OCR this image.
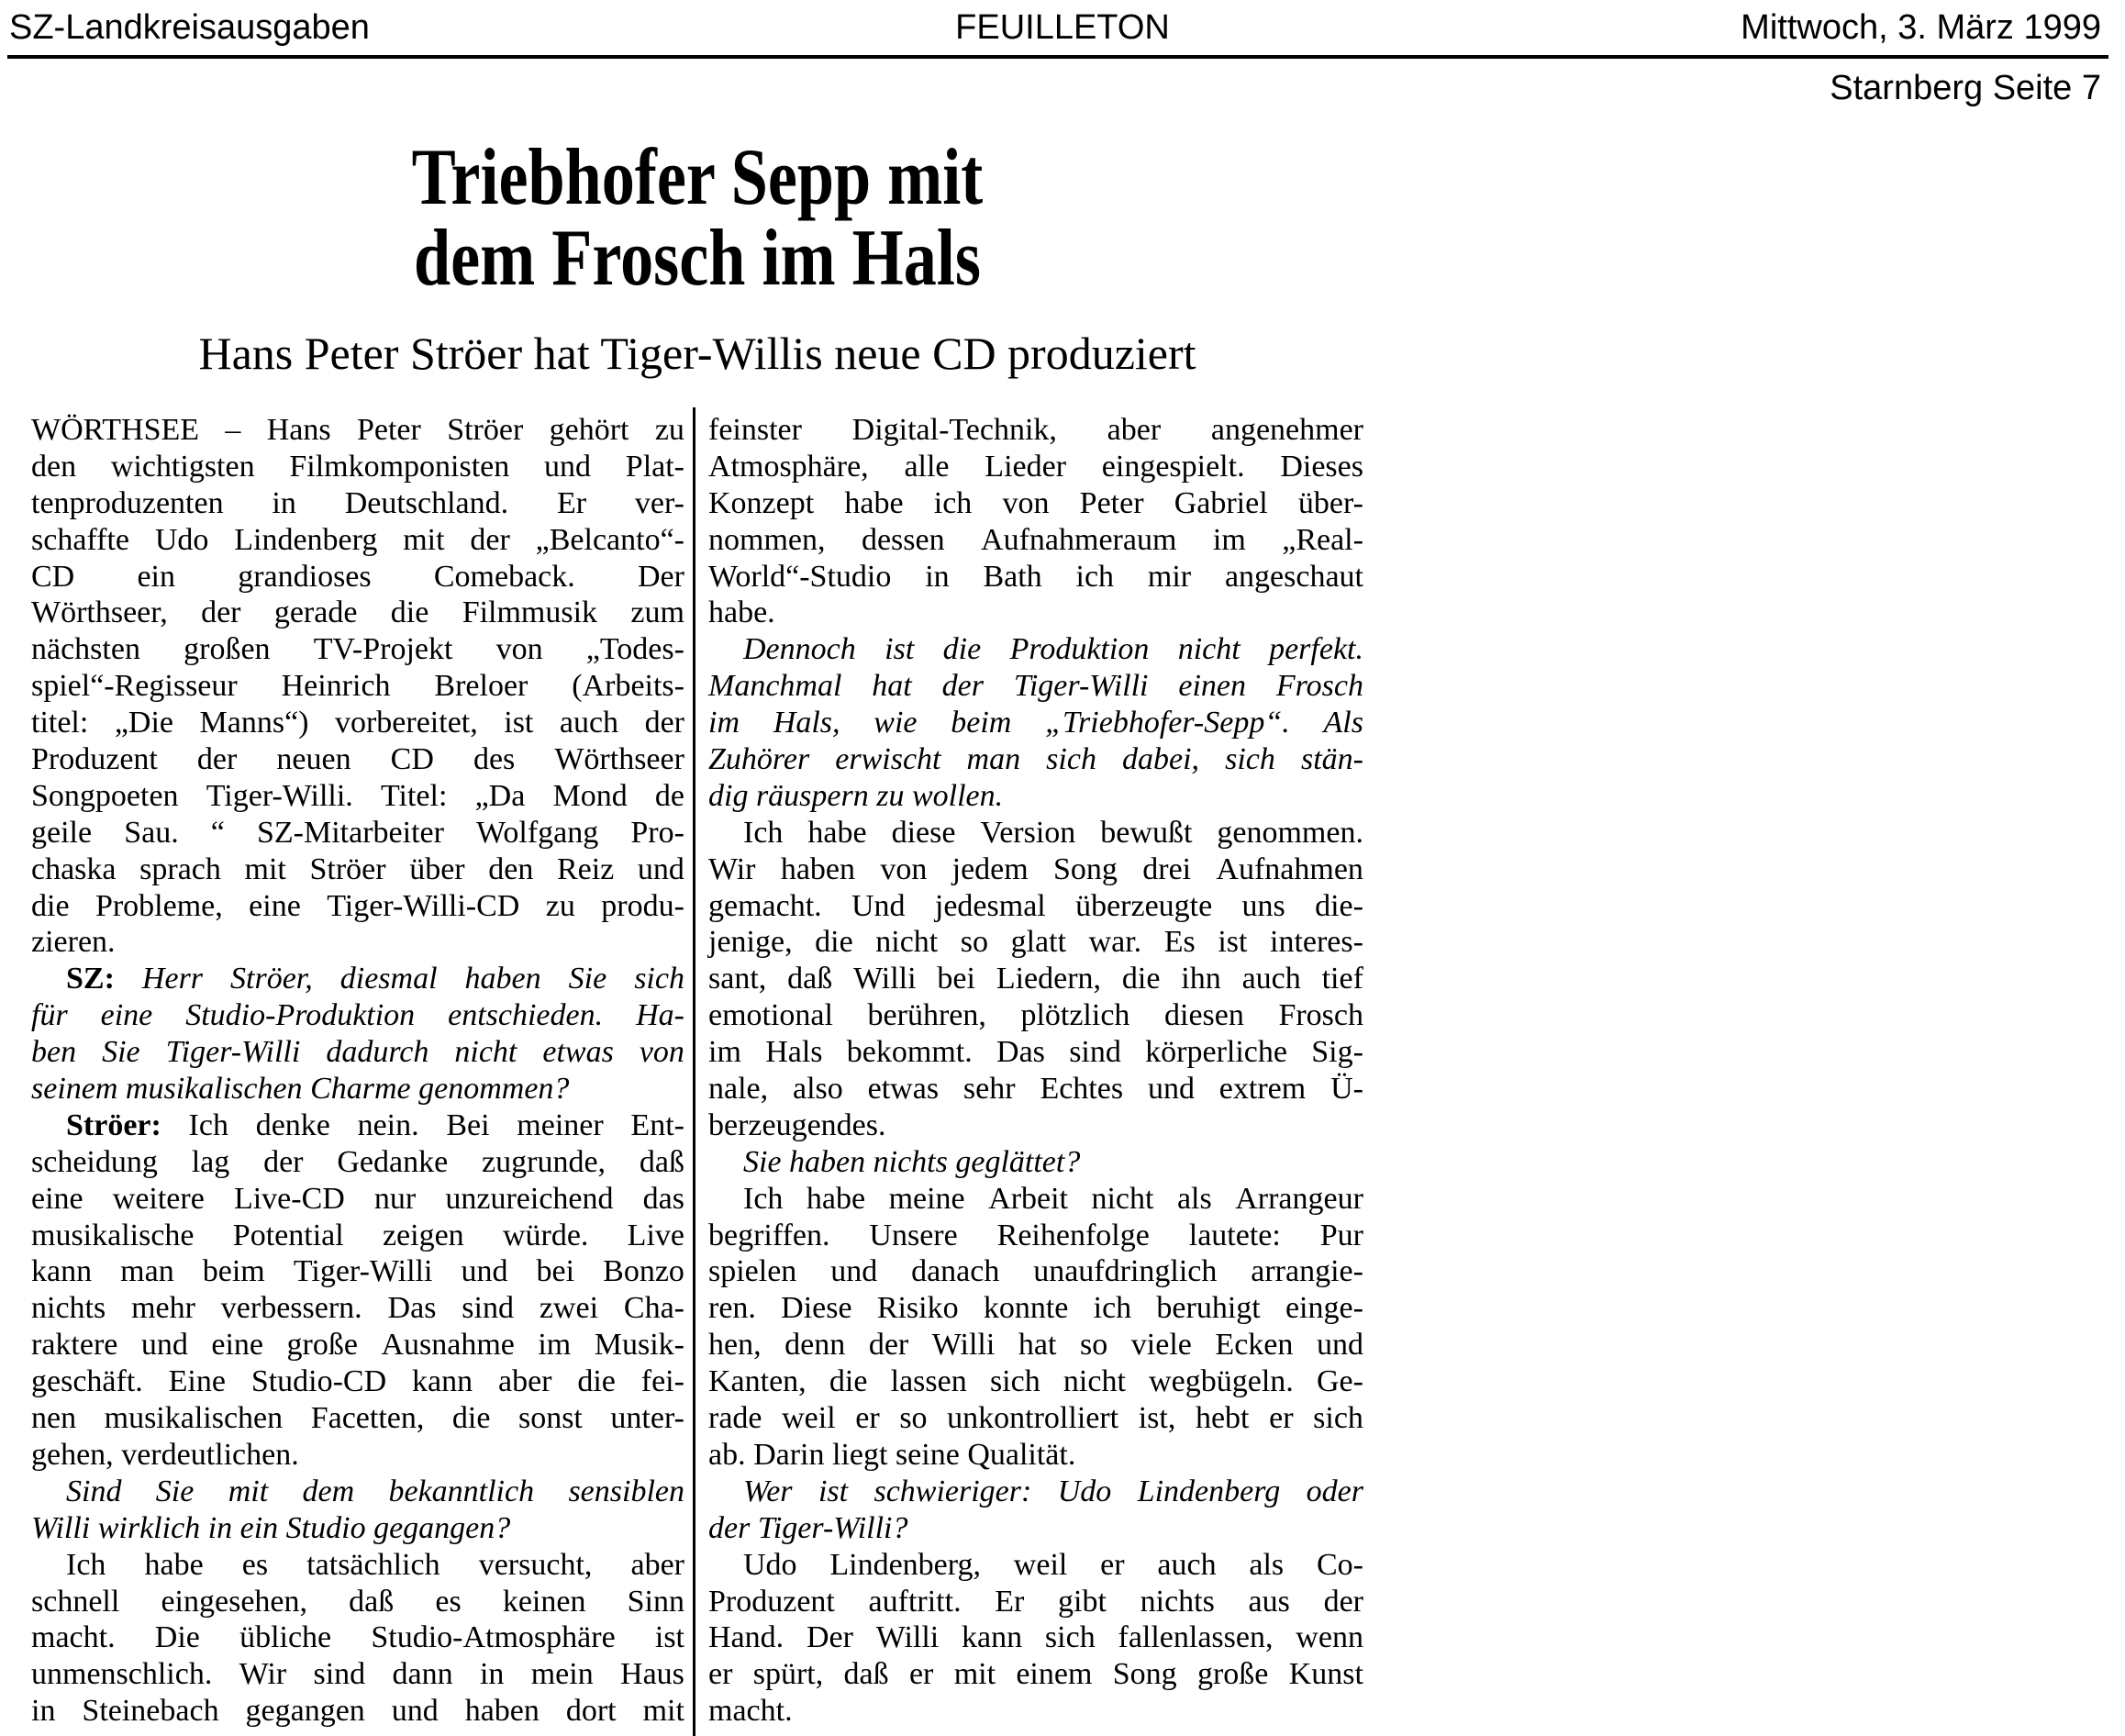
SZ-Landkreisausgaben	FEUILLETON	Mittwoch, 3. März 1999
Starnberg Seite 7
Triebhofer Sepp mit
dem Frosch im Hals
Hans Peter Ströer hat Tiger-Willis neue CD produziert
WÖRTHSEE – Hans Peter Ströer gehört zu
den wichtigsten Filmkomponisten und Plat-
tenproduzenten in Deutschland. Er ver-
schaffte Udo Lindenberg mit der „Belcanto“-
CD ein grandioses Comeback. Der
Wörthseer, der gerade die Filmmusik zum
nächsten großen TV-Projekt von „Todes-
spiel“-Regisseur Heinrich Breloer (Arbeits-
titel: „Die Manns“) vorbereitet, ist auch der
Produzent der neuen CD des Wörthseer
Songpoeten Tiger-Willi. Titel: „Da Mond de
geile Sau. “ SZ-Mitarbeiter Wolfgang Pro-
chaska sprach mit Ströer über den Reiz und
die Probleme, eine Tiger-Willi-CD zu produ-
zieren.
SZ: Herr Ströer, diesmal haben Sie sich
für eine Studio-Produktion entschieden. Ha-
ben Sie Tiger-Willi dadurch nicht etwas von
seinem musikalischen Charme genommen?
Ströer: Ich denke nein. Bei meiner Ent-
scheidung lag der Gedanke zugrunde, daß
eine weitere Live-CD nur unzureichend das
musikalische Potential zeigen würde. Live
kann man beim Tiger-Willi und bei Bonzo
nichts mehr verbessern. Das sind zwei Cha-
raktere und eine große Ausnahme im Musik-
geschäft. Eine Studio-CD kann aber die fei-
nen musikalischen Facetten, die sonst unter-
gehen, verdeutlichen.
Sind Sie mit dem bekanntlich sensiblen
Willi wirklich in ein Studio gegangen?
Ich habe es tatsächlich versucht, aber
schnell eingesehen, daß es keinen Sinn
macht. Die übliche Studio-Atmosphäre ist
unmenschlich. Wir sind dann in mein Haus
in Steinebach gegangen und haben dort mit
feinster Digital-Technik, aber angenehmer
Atmosphäre, alle Lieder eingespielt. Dieses
Konzept habe ich von Peter Gabriel über-
nommen, dessen Aufnahmeraum im „Real-
World“-Studio in Bath ich mir angeschaut
habe.
Dennoch ist die Produktion nicht perfekt.
Manchmal hat der Tiger-Willi einen Frosch
im Hals, wie beim „Triebhofer-Sepp“. Als
Zuhörer erwischt man sich dabei, sich stän-
dig räuspern zu wollen.
Ich habe diese Version bewußt genommen.
Wir haben von jedem Song drei Aufnahmen
gemacht. Und jedesmal überzeugte uns die-
jenige, die nicht so glatt war. Es ist interes-
sant, daß Willi bei Liedern, die ihn auch tief
emotional berühren, plötzlich diesen Frosch
im Hals bekommt. Das sind körperliche Sig-
nale, also etwas sehr Echtes und extrem Ü-
berzeugendes.
Sie haben nichts geglättet?
Ich habe meine Arbeit nicht als Arrangeur
begriffen. Unsere Reihenfolge lautete: Pur
spielen und danach unaufdringlich arrangie-
ren. Diese Risiko konnte ich beruhigt einge-
hen, denn der Willi hat so viele Ecken und
Kanten, die lassen sich nicht wegbügeln. Ge-
rade weil er so unkontrolliert ist, hebt er sich
ab. Darin liegt seine Qualität.
Wer ist schwieriger: Udo Lindenberg oder
der Tiger-Willi?
Udo Lindenberg, weil er auch als Co-
Produzent auftritt. Er gibt nichts aus der
Hand. Der Willi kann sich fallenlassen, wenn
er spürt, daß er mit einem Song große Kunst
macht.
